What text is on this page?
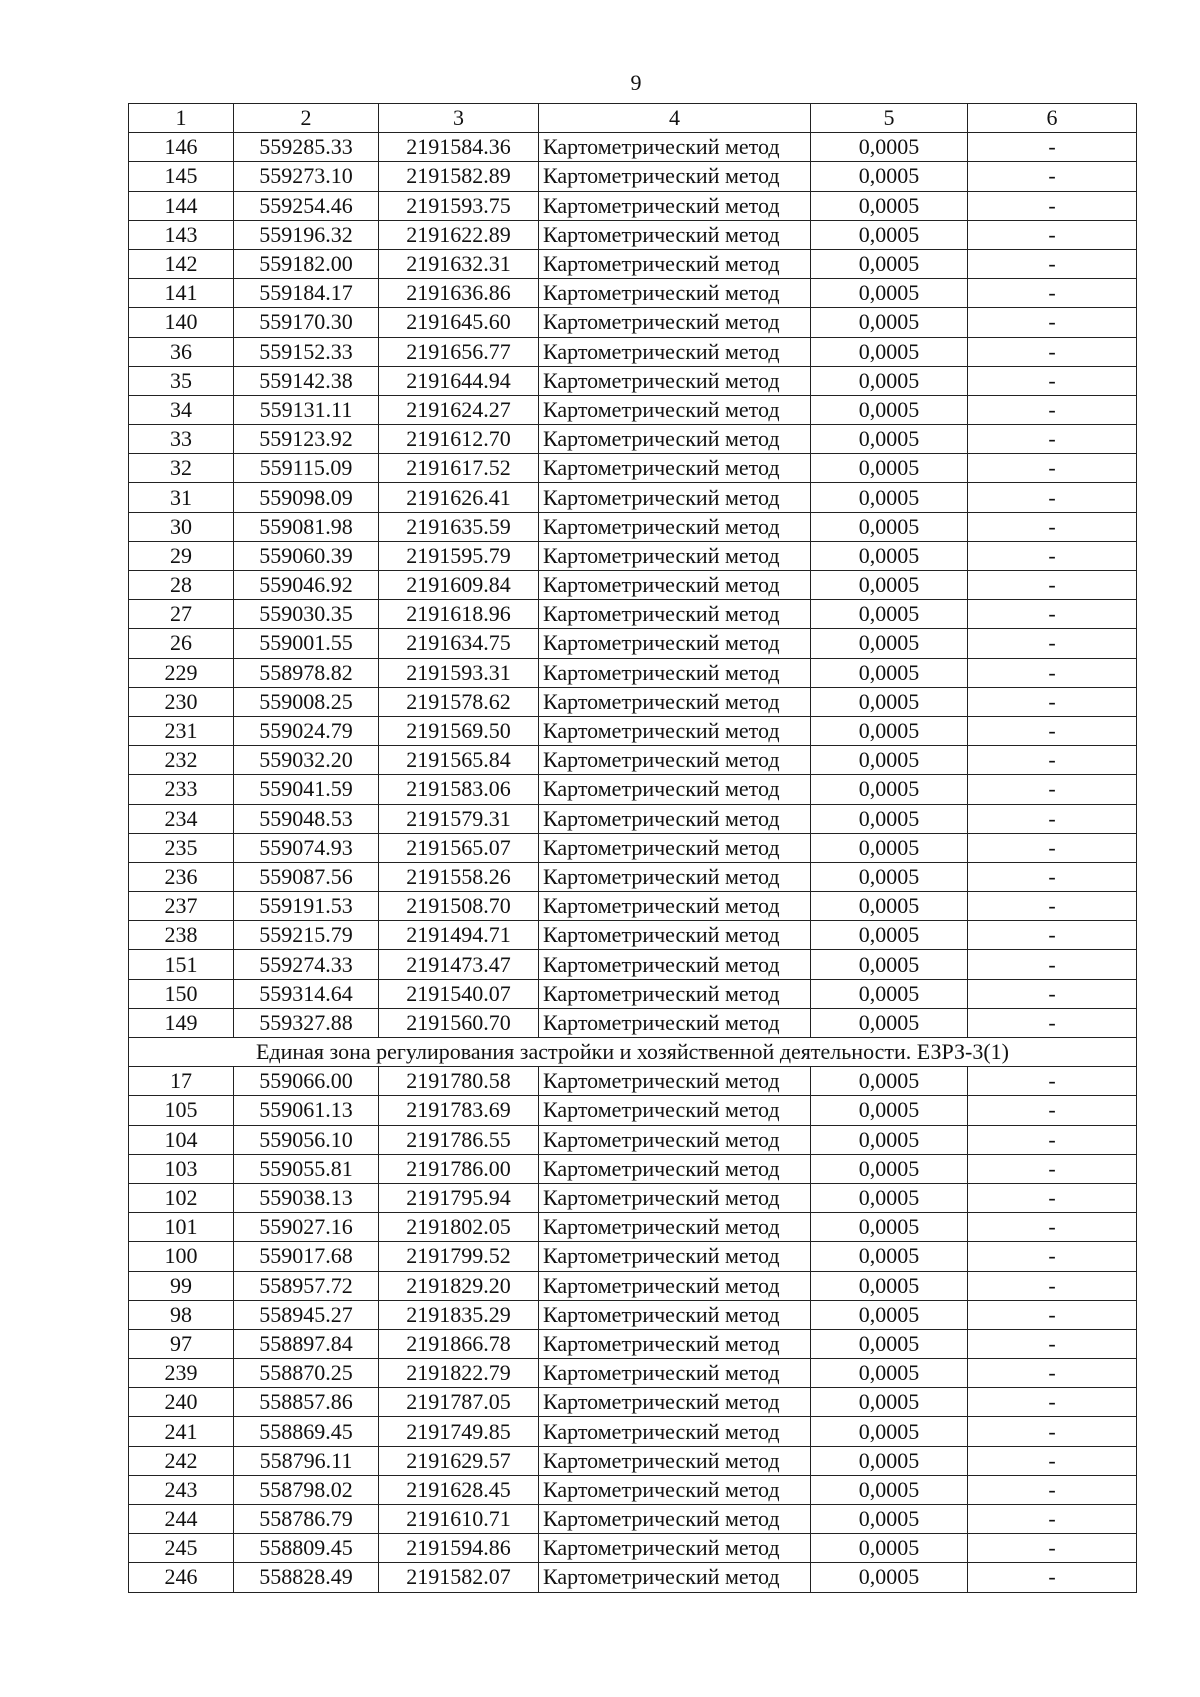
9
1	2	3	4	5	6
146	559285.33	2191584.36	Картометрический метод	0,0005	-
145	559273.10	2191582.89	Картометрический метод	0,0005	-
144	559254.46	2191593.75	Картометрический метод	0,0005	-
143	559196.32	2191622.89	Картометрический метод	0,0005	-
142	559182.00	2191632.31	Картометрический метод	0,0005	-
141	559184.17	2191636.86	Картометрический метод	0,0005	-
140	559170.30	2191645.60	Картометрический метод	0,0005	-
36	559152.33	2191656.77	Картометрический метод	0,0005	-
35	559142.38	2191644.94	Картометрический метод	0,0005	-
34	559131.11	2191624.27	Картометрический метод	0,0005	-
33	559123.92	2191612.70	Картометрический метод	0,0005	-
32	559115.09	2191617.52	Картометрический метод	0,0005	-
31	559098.09	2191626.41	Картометрический метод	0,0005	-
30	559081.98	2191635.59	Картометрический метод	0,0005	-
29	559060.39	2191595.79	Картометрический метод	0,0005	-
28	559046.92	2191609.84	Картометрический метод	0,0005	-
27	559030.35	2191618.96	Картометрический метод	0,0005	-
26	559001.55	2191634.75	Картометрический метод	0,0005	-
229	558978.82	2191593.31	Картометрический метод	0,0005	-
230	559008.25	2191578.62	Картометрический метод	0,0005	-
231	559024.79	2191569.50	Картометрический метод	0,0005	-
232	559032.20	2191565.84	Картометрический метод	0,0005	-
233	559041.59	2191583.06	Картометрический метод	0,0005	-
234	559048.53	2191579.31	Картометрический метод	0,0005	-
235	559074.93	2191565.07	Картометрический метод	0,0005	-
236	559087.56	2191558.26	Картометрический метод	0,0005	-
237	559191.53	2191508.70	Картометрический метод	0,0005	-
238	559215.79	2191494.71	Картометрический метод	0,0005	-
151	559274.33	2191473.47	Картометрический метод	0,0005	-
150	559314.64	2191540.07	Картометрический метод	0,0005	-
149	559327.88	2191560.70	Картометрический метод	0,0005	-
Единая зона регулирования застройки и хозяйственной деятельности. ЕЗРЗ-3(1)					
17	559066.00	2191780.58	Картометрический метод	0,0005	-
105	559061.13	2191783.69	Картометрический метод	0,0005	-
104	559056.10	2191786.55	Картометрический метод	0,0005	-
103	559055.81	2191786.00	Картометрический метод	0,0005	-
102	559038.13	2191795.94	Картометрический метод	0,0005	-
101	559027.16	2191802.05	Картометрический метод	0,0005	-
100	559017.68	2191799.52	Картометрический метод	0,0005	-
99	558957.72	2191829.20	Картометрический метод	0,0005	-
98	558945.27	2191835.29	Картометрический метод	0,0005	-
97	558897.84	2191866.78	Картометрический метод	0,0005	-
239	558870.25	2191822.79	Картометрический метод	0,0005	-
240	558857.86	2191787.05	Картометрический метод	0,0005	-
241	558869.45	2191749.85	Картометрический метод	0,0005	-
242	558796.11	2191629.57	Картометрический метод	0,0005	-
243	558798.02	2191628.45	Картометрический метод	0,0005	-
244	558786.79	2191610.71	Картометрический метод	0,0005	-
245	558809.45	2191594.86	Картометрический метод	0,0005	-
246	558828.49	2191582.07	Картометрический метод	0,0005	-
